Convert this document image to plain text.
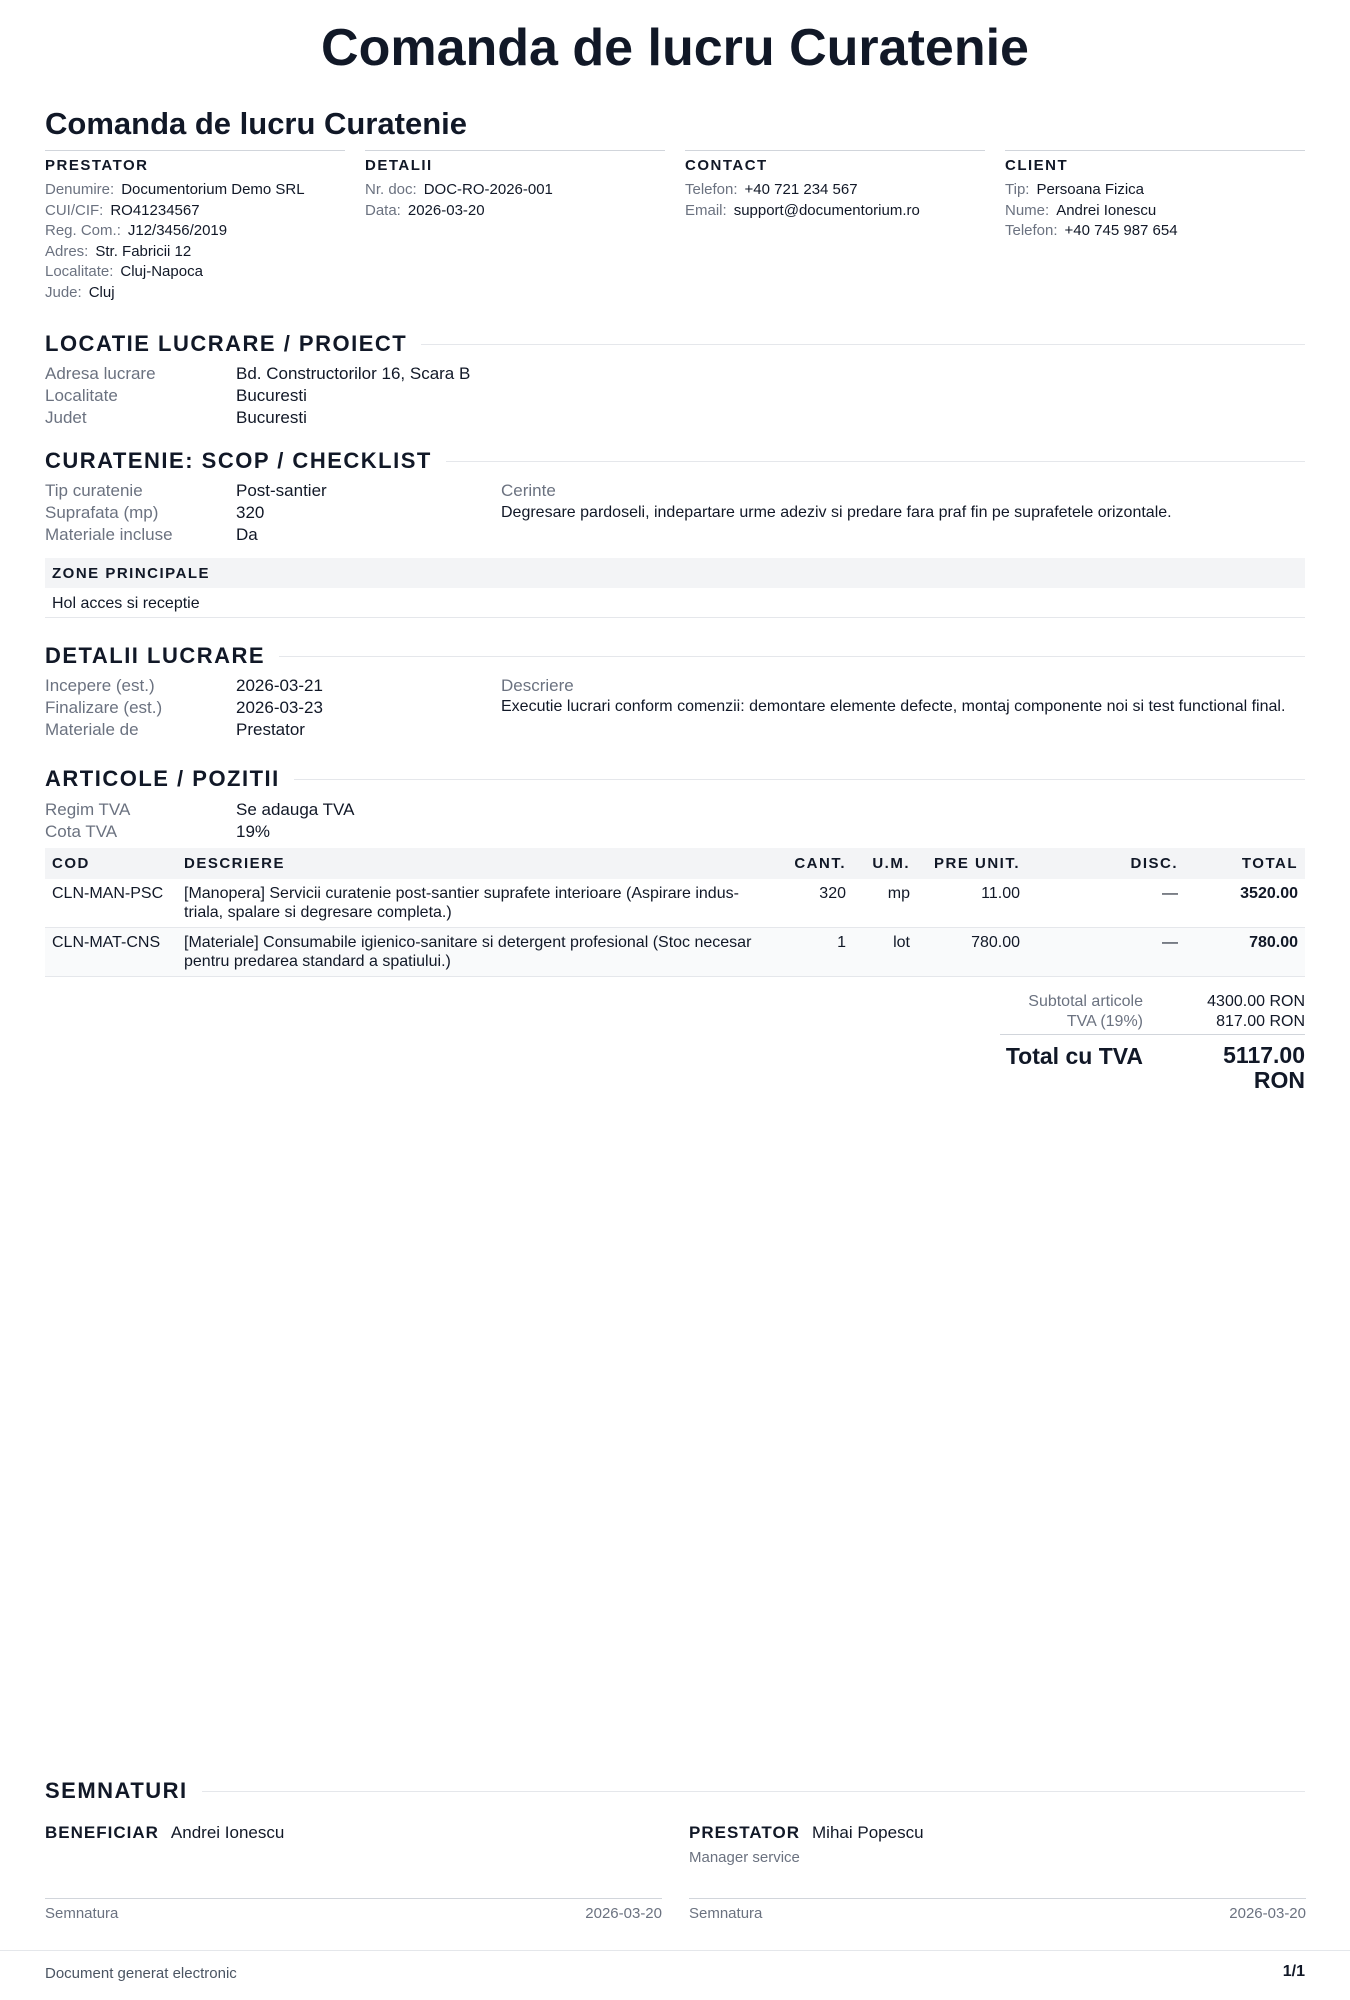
Comanda de lucru Curatenie
Comanda de lucru Curatenie
PRESTATOR
Denumire: Documentorium Demo SRL
CUI/CIF: RO41234567
Reg. Com.: J12/3456/2019
Adres: Str. Fabricii 12
Localitate: Cluj-Napoca
Jude: Cluj
DETALII
Nr. doc: DOC-RO-2026-001
Data: 2026-03-20
CONTACT
Telefon: +40 721 234 567
Email: support@documentorium.ro
CLIENT
Tip: Persoana Fizica
Nume: Andrei Ionescu
Telefon: +40 745 987 654
LOCATIE LUCRARE / PROIECT
Adresa lucrare	Bd. Constructorilor 16, Scara B
Localitate	Bucuresti
Judet	Bucuresti
CURATENIE: SCOP / CHECKLIST
Tip curatenie	Post-santier
Suprafata (mp)	320
Materiale incluse	Da
Cerinte
Degresare pardoseli, indepartare urme adeziv si predare fara praf fin pe suprafetele orizontale.
ZONE PRINCIPALE
Hol acces si receptie
DETALII LUCRARE
Incepere (est.)	2026-03-21
Finalizare (est.)	2026-03-23
Materiale de	Prestator
Descriere
Executie lucrari conform comenzii: demontare elemente defecte, montaj componente noi si test functional final.
ARTICOLE / POZITII
Regim TVA	Se adauga TVA
Cota TVA	19%
COD	DESCRIERE	CANT.	U.M.	PRE UNIT.	DISC.	TOTAL
CLN-MAN-PSC	[Manopera] Servicii curatenie post-santier suprafete interioare (Aspirare indus-triala, spalare si degresare completa.)	320	mp	11.00	—	3520.00
CLN-MAT-CNS	[Materiale] Consumabile igienico-sanitare si detergent profesional (Stoc necesar pentru predarea standard a spatiului.)	1	lot	780.00	—	780.00
Subtotal articole	4300.00 RON
TVA (19%)	817.00 RON
Total cu TVA	5117.00 RON
SEMNATURI
BENEFICIAR Andrei Ionescu	PRESTATOR Mihai Popescu
Manager service
Semnatura	2026-03-20 Semnatura	2026-03-20
Document generat electronic	1/1
